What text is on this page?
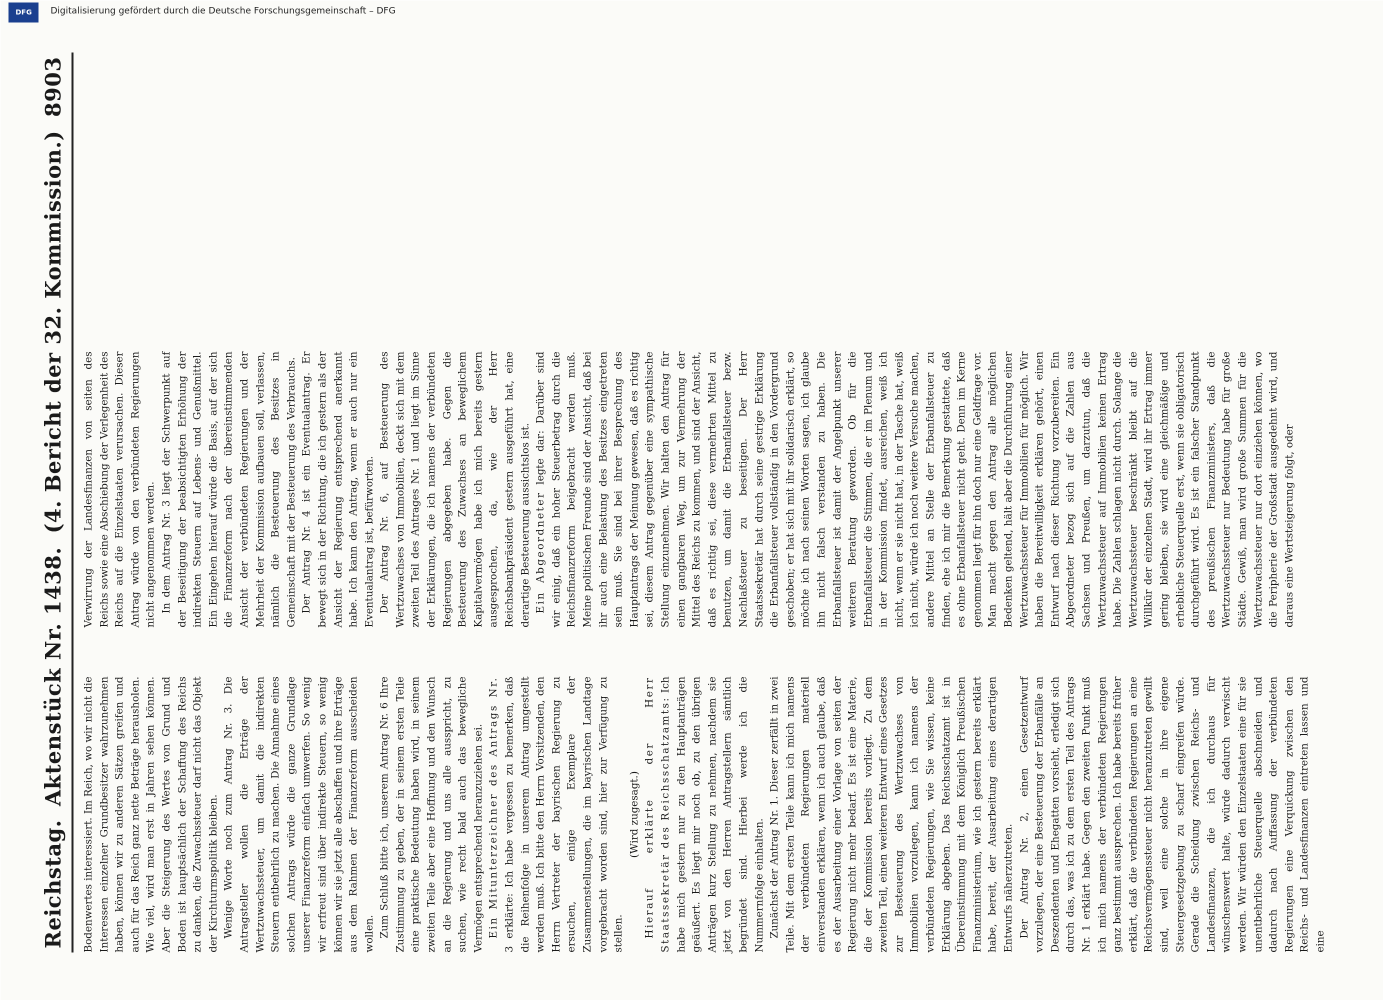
Reichstag.
Aktenstück Nr. 1438.
(4. Bericht der 32. Kommission.)
8903

Bodenwertes interessiert. Im Reich, wo wir nicht die Interessen einzelner Grundbesitzer wahrzunehmen haben, können wir zu anderen Sätzen greifen und auch für das Reich ganz nette Beträge herausholen. Wie viel, wird man erst in Jahren sehen können. Aber die Steigerung des Wertes von Grund und Boden ist hauptsächlich der Schaffung des Reichs zu danken, die Zuwachssteuer darf nicht das Objekt der Kirchturmspolitik bleiben. Wenige Worte noch zum Antrag Nr. 3. Die Antragsteller wollen die Erträge der Wertzuwachssteuer, um damit die indirekten Steuern entbehrlich zu machen. Die Annahme eines solchen Antrags würde die ganze Grundlage unserer Finanzreform einfach umwerfen. So wenig wir erfreut sind über indirekte Steuern, so wenig können wir sie jetzt alle abschaffen und ihre Erträge aus dem Rahmen der Finanzreform ausscheiden wollen. Zum Schluß bitte ich, unserem Antrag Nr. 6 Ihre Zustimmung zu geben, der in seinem ersten Teile eine praktische Bedeutung haben wird, in seinem zweiten Teile aber eine Hoffnung und den Wunsch an die Regierung und uns alle ausspricht, zu suchen, wie recht bald auch das bewegliche Vermögen entsprechend heranzuziehen sei. Ein Mitunterzeichner des Antrags Nr. 3 erklärte: Ich habe vergessen zu bemerken, daß die Reihenfolge in unserem Antrag umgestellt werden muß. Ich bitte den Herrn Vorsitzenden, den Herrn Vertreter der bayrischen Regierung zu ersuchen, einige Exemplare der Zusammenstellungen, die im bayrischen Landtage vorgebracht worden sind, hier zur Verfügung zu stellen.

(Wird zugesagt.) Hierauf erklärte der Herr Staatssekretär des Reichsschatzamts: Ich habe mich gestern nur zu den Hauptanträgen geäußert. Es liegt mir noch ob, zu den übrigen Anträgen kurz Stellung zu nehmen, nachdem sie jetzt von den Herren Antragstellern sämtlich begründet sind. Hierbei werde ich die Nummernfolge einhalten. Zunächst der Antrag Nr. 1. Dieser zerfällt in zwei Teile. Mit dem ersten Teile kann ich mich namens der verbündeten Regierungen materiell einverstanden erklären, wenn ich auch glaube, daß es der Ausarbeitung einer Vorlage von seiten der Regierung nicht mehr bedarf. Es ist eine Materie, die der Kommission bereits vorliegt. Zu dem zweiten Teil, einen weiteren Entwurf eines Gesetzes zur Besteuerung des Wertzuwachses von Immobilien vorzulegen, kann ich namens der verbündeten Regierungen, wie Sie wissen, keine Erklärung abgeben. Das Reichsschatzamt ist in Übereinstimmung mit dem Königlich Preußischen Finanzministerium, wie ich gestern bereits erklärt habe, bereit, der Ausarbeitung eines derartigen Entwurfs näherzutreten. Der Antrag Nr. 2, einen Gesetzentwurf vorzulegen, der eine Besteuerung der Erbanfälle an Deszendenten und Ehegatten vorsieht, erledigt sich durch das, was ich zu dem ersten Teil des Antrags Nr. 1 erklärt habe. Gegen den zweiten Punkt muß ich mich namens der verbündeten Regierungen ganz bestimmt aussprechen. Ich habe bereits früher erklärt, daß die verbündeten Regierungen an eine Reichsvermögenssteuer nicht heranzutreten gewillt sind, weil eine solche in ihre eigene Steuergesetzgebung zu scharf eingreifen würde. Gerade die Scheidung zwischen Reichs- und Landesfinanzen, die ich durchaus für wünschenswert halte, würde dadurch verwischt werden. Wir würden den Einzelstaaten eine für sie unentbehrliche Steuerquelle abschneiden und dadurch nach Auffassung der verbündeten Regierungen eine Verquickung zwischen den Reichs- und Landesfinanzen eintreten lassen und eine

Verwirrung der Landesfinanzen von seiten des Reichs sowie eine Abschiebung der Verlegenheit des Reichs auf die Einzelstaaten verursachen. Dieser Antrag würde von den verbündeten Regierungen nicht angenommen werden. In dem Antrag Nr. 3 liegt der Schwerpunkt auf der Beseitigung der beabsichtigten Erhöhung der indirekten Steuern auf Lebens- und Genußmittel. Ein Eingehen hierauf würde die Basis, auf der sich die Finanzreform nach der übereinstimmenden Ansicht der verbündeten Regierungen und der Mehrheit der Kommission aufbauen soll, verlassen, nämlich die Besteuerung des Besitzes in Gemeinschaft mit der Besteuerung des Verbrauchs. Der Antrag Nr. 4 ist ein Eventualantrag. Er bewegt sich in der Richtung, die ich gestern als der Ansicht der Regierung entsprechend anerkannt habe. Ich kann den Antrag, wenn er auch nur ein Eventualantrag ist, befürworten. Der Antrag Nr. 6, auf Besteuerung des Wertzuwachses von Immobilien, deckt sich mit dem zweiten Teil des Antrages Nr. 1 und liegt im Sinne der Erklärungen, die ich namens der verbündeten Regierungen abgegeben habe. Gegen die Besteuerung des Zuwachses an beweglichem Kapitalvermögen habe ich mich bereits gestern ausgesprochen, da, wie der Herr Reichsbankpräsident gestern ausgeführt hat, eine derartige Besteuerung aussichtslos ist. Ein Abgeordneter legte dar: Darüber sind wir einig, daß ein hoher Steuerbetrag durch die Reichsfinanzreform beigebracht werden muß. Meine politischen Freunde sind der Ansicht, daß bei ihr auch eine Belastung des Besitzes eingetreten sein muß. Sie sind bei ihrer Besprechung des Hauptantrags der Meinung gewesen, daß es richtig sei, diesem Antrag gegenüber eine sympathische Stellung einzunehmen. Wir halten den Antrag für einen gangbaren Weg, um zur Vermehrung der Mittel des Reichs zu kommen, und sind der Ansicht, daß es richtig sei, diese vermehrten Mittel zu benutzen, um damit die Erbanfallsteuer bezw. Nachlaßsteuer zu beseitigen. Der Herr Staatssekretär hat durch seine gestrige Erklärung die Erbanfallsteuer vollständig in den Vordergrund geschoben; er hat sich mit ihr solidarisch erklärt, so möchte ich nach seinen Worten sagen, ich glaube ihn nicht falsch verstanden zu haben. Die Erbanfallsteuer ist damit der Angelpunkt unserer weiteren Beratung geworden. Ob für die Erbanfallsteuer die Stimmen, die er im Plenum und in der Kommission findet, ausreichen, weiß ich nicht, wenn er sie nicht hat, in der Tasche hat, weiß ich nicht, würde ich noch weitere Versuche machen, andere Mittel an Stelle der Erbanfallsteuer zu finden, ehe ich mir die Bemerkung gestattete, daß es ohne Erbanfallsteuer nicht geht. Denn im Kerne genommen liegt für ihn doch nur eine Geldfrage vor. Man macht gegen den Antrag alle möglichen Bedenken geltend, hält aber die Durchführung einer Wertzuwachssteuer für Immobilien für möglich. Wir haben die Bereitwilligkeit erklären gehört, einen Entwurf nach dieser Richtung vorzubereiten. Ein Abgeordneter bezog sich auf die Zahlen aus Sachsen und Preußen, um darzutun, daß die Wertzuwachssteuer auf Immobilien keinen Ertrag habe. Die Zahlen schlagen nicht durch. Solange die Wertzuwachssteuer beschränkt bleibt auf die Willkür der einzelnen Stadt, wird ihr Ertrag immer gering bleiben, sie wird eine gleichmäßige und erhebliche Steuerquelle erst, wenn sie obligatorisch durchgeführt wird. Es ist ein falscher Standpunkt des preußischen Finanzministers, daß die Wertzuwachssteuer nur Bedeutung habe für große Städte. Gewiß, man wird große Summen für die Wertzuwachssteuer nur dort einziehen können, wo die Peripherie der Großstadt ausgedehnt wird, und daraus eine Wertsteigerung folgt, oder

DFG	Digitalisierung gefördert durch die Deutsche Forschungsgemeinschaft – DFG
